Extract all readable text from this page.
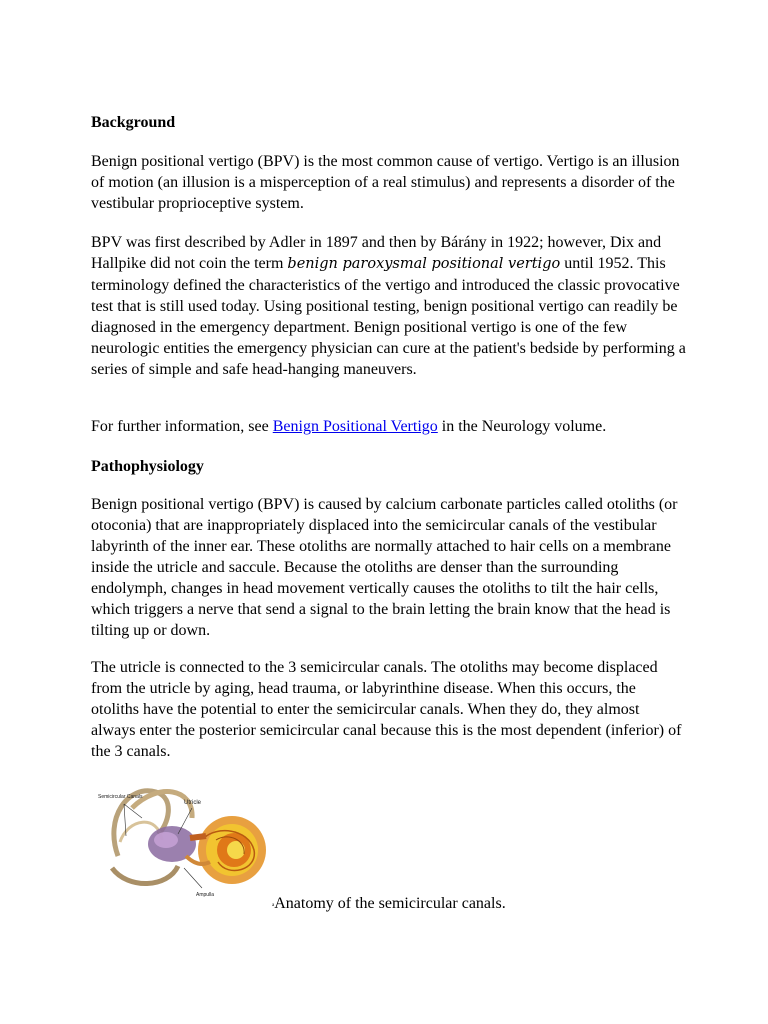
Background
Benign positional vertigo (BPV) is the most common cause of vertigo. Vertigo is an illusion of motion (an illusion is a misperception of a real stimulus) and represents a disorder of the vestibular proprioceptive system.
BPV was first described by Adler in 1897 and then by Bárány in 1922; however, Dix and Hallpike did not coin the term benign paroxysmal positional vertigo until 1952. This terminology defined the characteristics of the vertigo and introduced the classic provocative test that is still used today. Using positional testing, benign positional vertigo can readily be diagnosed in the emergency department. Benign positional vertigo is one of the few neurologic entities the emergency physician can cure at the patient's bedside by performing a series of simple and safe head-hanging maneuvers.
For further information, see Benign Positional Vertigo in the Neurology volume.
Pathophysiology
Benign positional vertigo (BPV) is caused by calcium carbonate particles called otoliths (or otoconia) that are inappropriately displaced into the semicircular canals of the vestibular labyrinth of the inner ear. These otoliths are normally attached to hair cells on a membrane inside the utricle and saccule. Because the otoliths are denser than the surrounding endolymph, changes in head movement vertically causes the otoliths to tilt the hair cells, which triggers a nerve that send a signal to the brain letting the brain know that the head is tilting up or down.
The utricle is connected to the 3 semicircular canals. The otoliths may become displaced from the utricle by aging, head trauma, or labyrinthine disease. When this occurs, the otoliths have the potential to enter the semicircular canals. When they do, they almost always enter the posterior semicircular canal because this is the most dependent (inferior) of the 3 canals.
Semicircular Canals
Utricle
Ampulla
aAnatomy of the semicircular canals.
